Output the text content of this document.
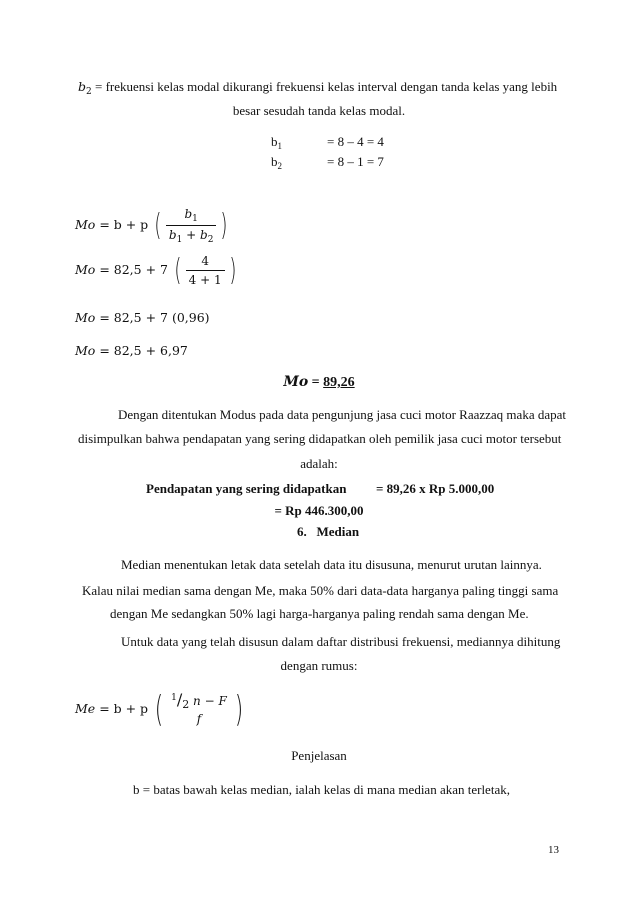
$b_2$ = frekuensi kelas modal dikurangi frekuensi kelas interval dengan tanda kelas yang lebih
besar sesudah tanda kelas modal.
$b_1$	= 8 – 4 = 4
$b_2$	= 8 – 1 = 7
Mo = b + p ( $\frac{b_1}{b_1 + b_2}$ )
Mo = 82,5 + 7 ( $\frac{4}{4 + 1}$ )
Mo = 82,5 + 7 (0,96)
Mo = 82,5 + 6,97
Mo = 89,26
Dengan ditentukan Modus pada data pengunjung jasa cuci motor Raazzaq maka dapat
disimpulkan bahwa pendapatan yang sering didapatkan oleh pemilik jasa cuci motor tersebut
adalah:
Pendapatan yang sering didapatkan = 89,26 x Rp 5.000,00
= Rp 446.300,00
6. Median
Median menentukan letak data setelah data itu disusuna, menurut urutan lainnya.
Kalau nilai median sama dengan Me, maka 50% dari data-data harganya paling tinggi sama
dengan Me sedangkan 50% lagi harga-harganya paling rendah sama dengan Me.
Untuk data yang telah disusun dalam daftar distribusi frekuensi, mediannya dihitung
dengan rumus:
Me = b + p ( $^1$/2 n − F
f )
Penjelasan
b = batas bawah kelas median, ialah kelas di mana median akan terletak,
13
